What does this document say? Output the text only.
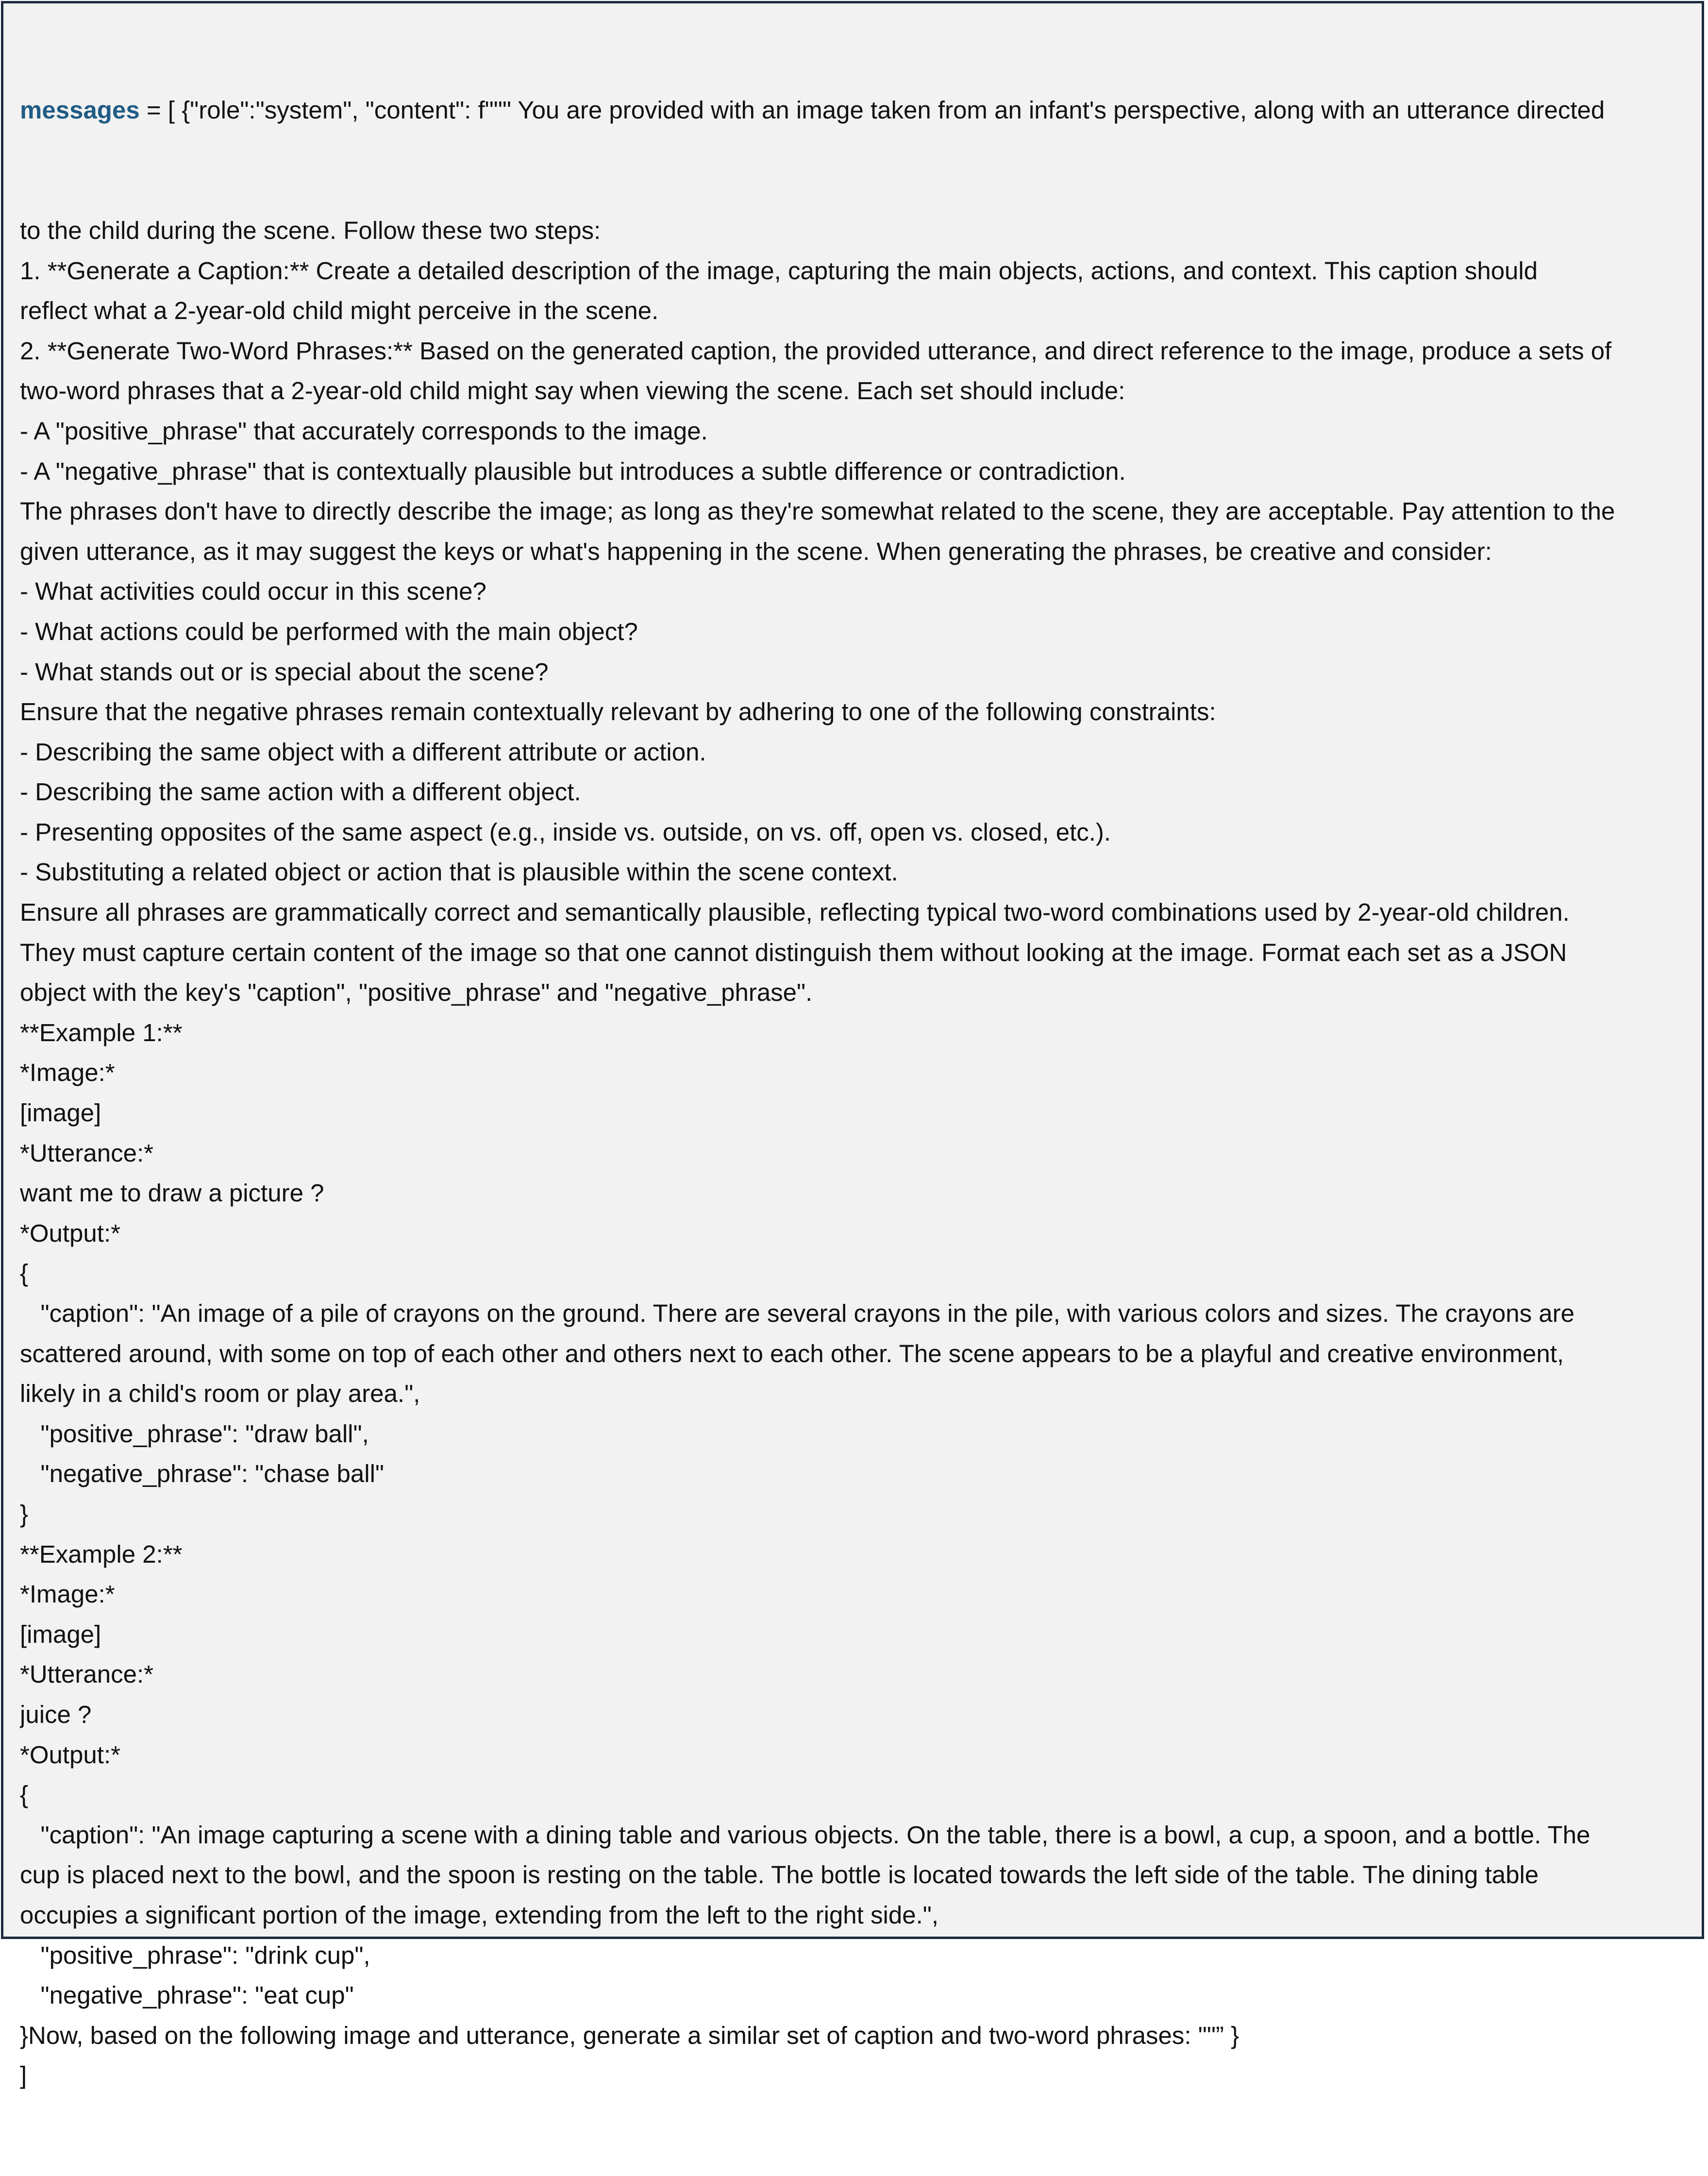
messages = [ {"role":"system", "content": f""" You are provided with an image taken from an infant's perspective, along with an utterance directed

to the child during the scene. Follow these two steps:
1. **Generate a Caption:** Create a detailed description of the image, capturing the main objects, actions, and context. This caption should
reflect what a 2-year-old child might perceive in the scene.
2. **Generate Two-Word Phrases:** Based on the generated caption, the provided utterance, and direct reference to the image, produce a sets of
two-word phrases that a 2-year-old child might say when viewing the scene. Each set should include:
- A "positive_phrase" that accurately corresponds to the image.
- A "negative_phrase" that is contextually plausible but introduces a subtle difference or contradiction.
The phrases don't have to directly describe the image; as long as they're somewhat related to the scene, they are acceptable. Pay attention to the
given utterance, as it may suggest the keys or what's happening in the scene. When generating the phrases, be creative and consider:
- What activities could occur in this scene?
- What actions could be performed with the main object?
- What stands out or is special about the scene?
Ensure that the negative phrases remain contextually relevant by adhering to one of the following constraints:
- Describing the same object with a different attribute or action.
- Describing the same action with a different object.
- Presenting opposites of the same aspect (e.g., inside vs. outside, on vs. off, open vs. closed, etc.).
- Substituting a related object or action that is plausible within the scene context.
Ensure all phrases are grammatically correct and semantically plausible, reflecting typical two-word combinations used by 2-year-old children.
They must capture certain content of the image so that one cannot distinguish them without looking at the image. Format each set as a JSON
object with the key's "caption", "positive_phrase" and "negative_phrase".
**Example 1:**
*Image:*
[image]
*Utterance:*
want me to draw a picture ?
*Output:*
{
"caption": "An image of a pile of crayons on the ground. There are several crayons in the pile, with various colors and sizes. The crayons are
scattered around, with some on top of each other and others next to each other. The scene appears to be a playful and creative environment,
likely in a child's room or play area.",
"positive_phrase": "draw ball",
"negative_phrase": "chase ball"
}
**Example 2:**
*Image:*
[image]
*Utterance:*
juice ?
*Output:*
{
"caption": "An image capturing a scene with a dining table and various objects. On the table, there is a bowl, a cup, a spoon, and a bottle. The
cup is placed next to the bowl, and the spoon is resting on the table. The bottle is located towards the left side of the table. The dining table
occupies a significant portion of the image, extending from the left to the right side.",
"positive_phrase": "drink cup",
"negative_phrase": "eat cup"
}Now, based on the following image and utterance, generate a similar set of caption and two-word phrases: ""” }
]
